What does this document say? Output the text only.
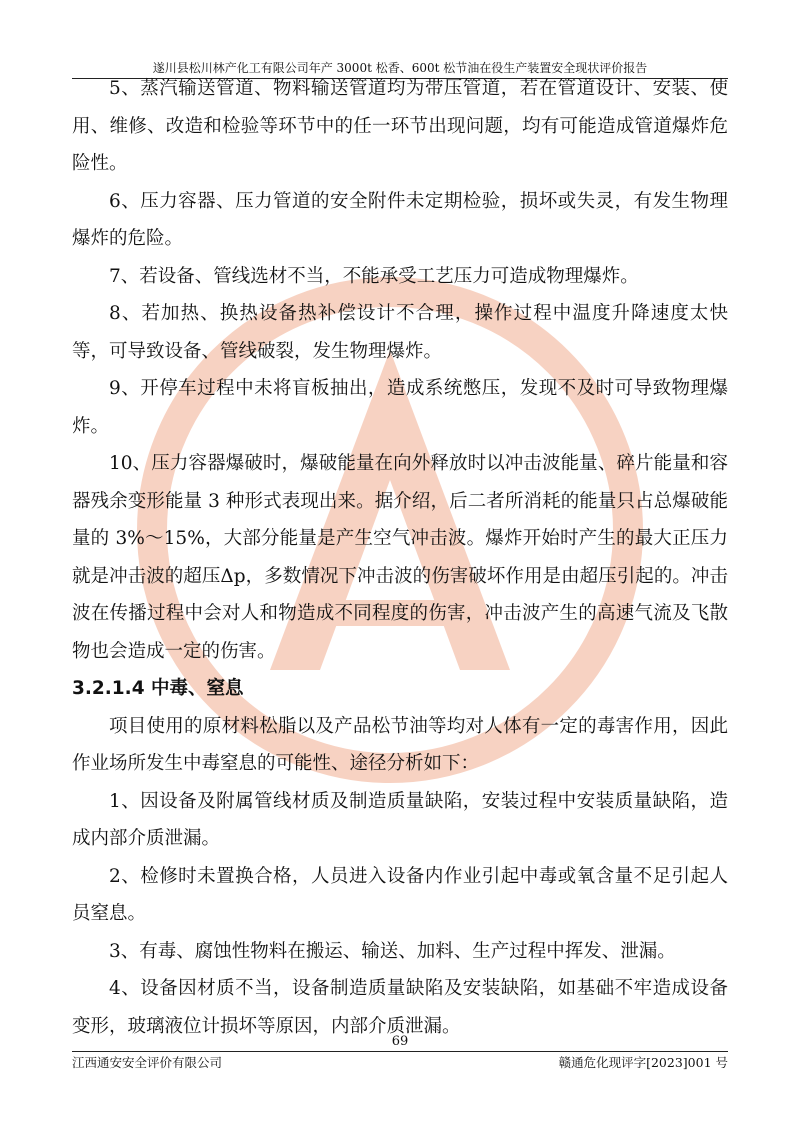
遂川县松川林产化工有限公司年产 3000t 松香、600t 松节油在役生产装置安全现状评价报告

5、蒸汽输送管道、物料输送管道均为带压管道，若在管道设计、安装、使用、维修、改造和检验等环节中的任一环节出现问题，均有可能造成管道爆炸危险性。

6、压力容器、压力管道的安全附件未定期检验，损坏或失灵，有发生物理爆炸的危险。

7、若设备、管线选材不当，不能承受工艺压力可造成物理爆炸。

8、若加热、换热设备热补偿设计不合理，操作过程中温度升降速度太快等，可导致设备、管线破裂，发生物理爆炸。

9、开停车过程中未将盲板抽出，造成系统憋压，发现不及时可导致物理爆炸。

10、压力容器爆破时，爆破能量在向外释放时以冲击波能量、碎片能量和容器残余变形能量 3 种形式表现出来。据介绍，后二者所消耗的能量只占总爆破能量的 3%～15%，大部分能量是产生空气冲击波。爆炸开始时产生的最大正压力就是冲击波的超压Δp，多数情况下冲击波的伤害破坏作用是由超压引起的。冲击波在传播过程中会对人和物造成不同程度的伤害，冲击波产生的高速气流及飞散物也会造成一定的伤害。

3.2.1.4 中毒、窒息

项目使用的原材料松脂以及产品松节油等均对人体有一定的毒害作用，因此作业场所发生中毒窒息的可能性、途径分析如下：

1、因设备及附属管线材质及制造质量缺陷，安装过程中安装质量缺陷，造成内部介质泄漏。

2、检修时未置换合格，人员进入设备内作业引起中毒或氧含量不足引起人员窒息。

3、有毒、腐蚀性物料在搬运、输送、加料、生产过程中挥发、泄漏。

4、设备因材质不当，设备制造质量缺陷及安装缺陷，如基础不牢造成设备变形，玻璃液位计损坏等原因，内部介质泄漏。

69
江西通安安全评价有限公司	赣通危化现评字[2023]001 号
